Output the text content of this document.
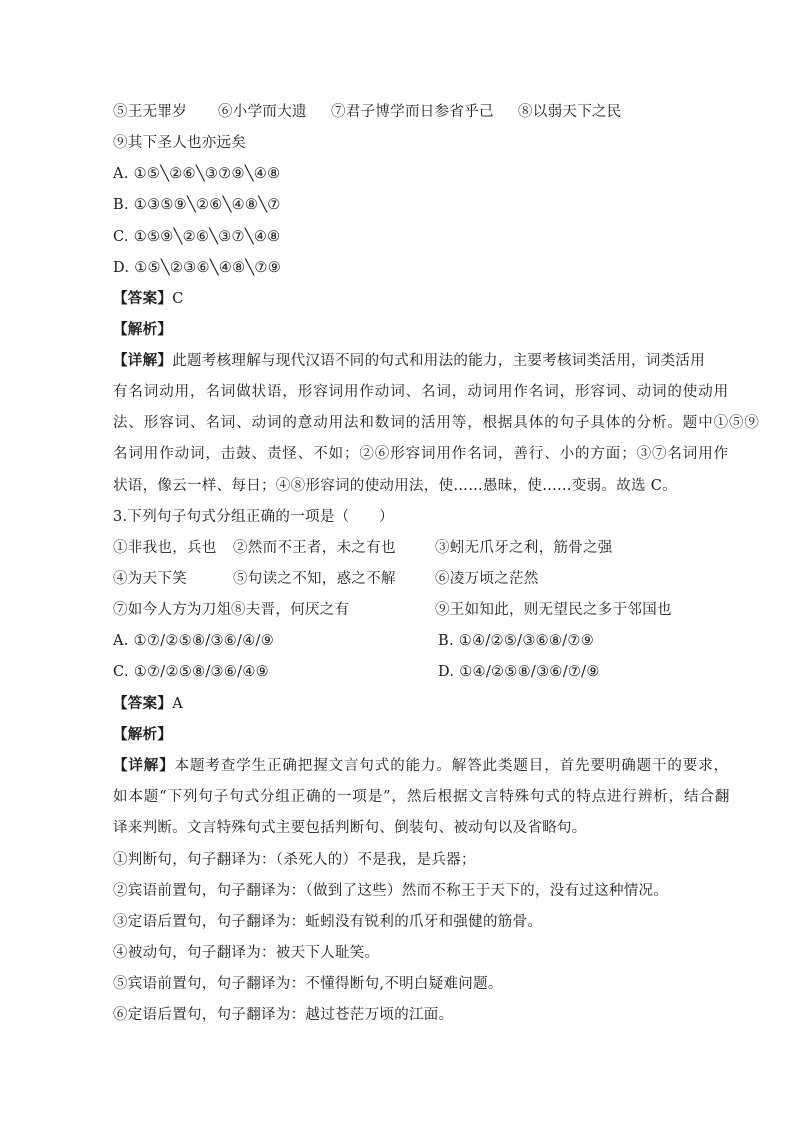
⑤王无罪岁 ⑥小学而大遗 ⑦君子博学而日参省乎己 ⑧以弱天下之民
⑨其下圣人也亦远矣
A. ①⑤╲②⑥╲③⑦⑨╲④⑧
B. ①③⑤⑨╲②⑥╲④⑧╲⑦
C. ①⑤⑨╲②⑥╲③⑦╲④⑧
D. ①⑤╲②③⑥╲④⑧╲⑦⑨
【答案】C
【解析】
【详解】此题考核理解与现代汉语不同的句式和用法的能力，主要考核词类活用，词类活用
有名词动用，名词做状语，形容词用作动词、名词，动词用作名词，形容词、动词的使动用
法、形容词、名词、动词的意动用法和数词的活用等，根据具体的句子具体的分析。题中①⑤⑨
名词用作动词，击鼓、责怪、不如；②⑥形容词用作名词，善行、小的方面；③⑦名词用作
状语，像云一样、每日；④⑧形容词的使动用法，使……愚昧，使……变弱。故选 C。
3.下列句子句式分组正确的一项是（　　）
①非我也，兵也 ②然而不王者，未之有也	③蚓无爪牙之利，筋骨之强
④为天下笑	⑤句读之不知，惑之不解	⑥凌万顷之茫然
⑦如今人方为刀俎 ⑧夫晋，何厌之有	⑨王如知此，则无望民之多于邻国也
A. ①⑦/②⑤⑧/③⑥/④/⑨	B. ①④/②⑤/③⑥⑧/⑦⑨
C. ①⑦/②⑤⑧/③⑥/④⑨	D. ①④/②⑤⑧/③⑥/⑦/⑨
【答案】A
【解析】
【详解】本题考查学生正确把握文言句式的能力。解答此类题目，首先要明确题干的要求，
如本题“下列句子句式分组正确的一项是”，然后根据文言特殊句式的特点进行辨析，结合翻
译来判断。文言特殊句式主要包括判断句、倒装句、被动句以及省略句。
①判断句，句子翻译为：（杀死人的）不是我，是兵器；
②宾语前置句，句子翻译为：（做到了这些）然而不称王于天下的，没有过这种情况。
③定语后置句，句子翻译为：蚯蚓没有锐利的爪牙和强健的筋骨。
④被动句，句子翻译为：被天下人耻笑。
⑤宾语前置句，句子翻译为：不懂得断句,不明白疑难问题。
⑥定语后置句，句子翻译为：越过苍茫万顷的江面。
